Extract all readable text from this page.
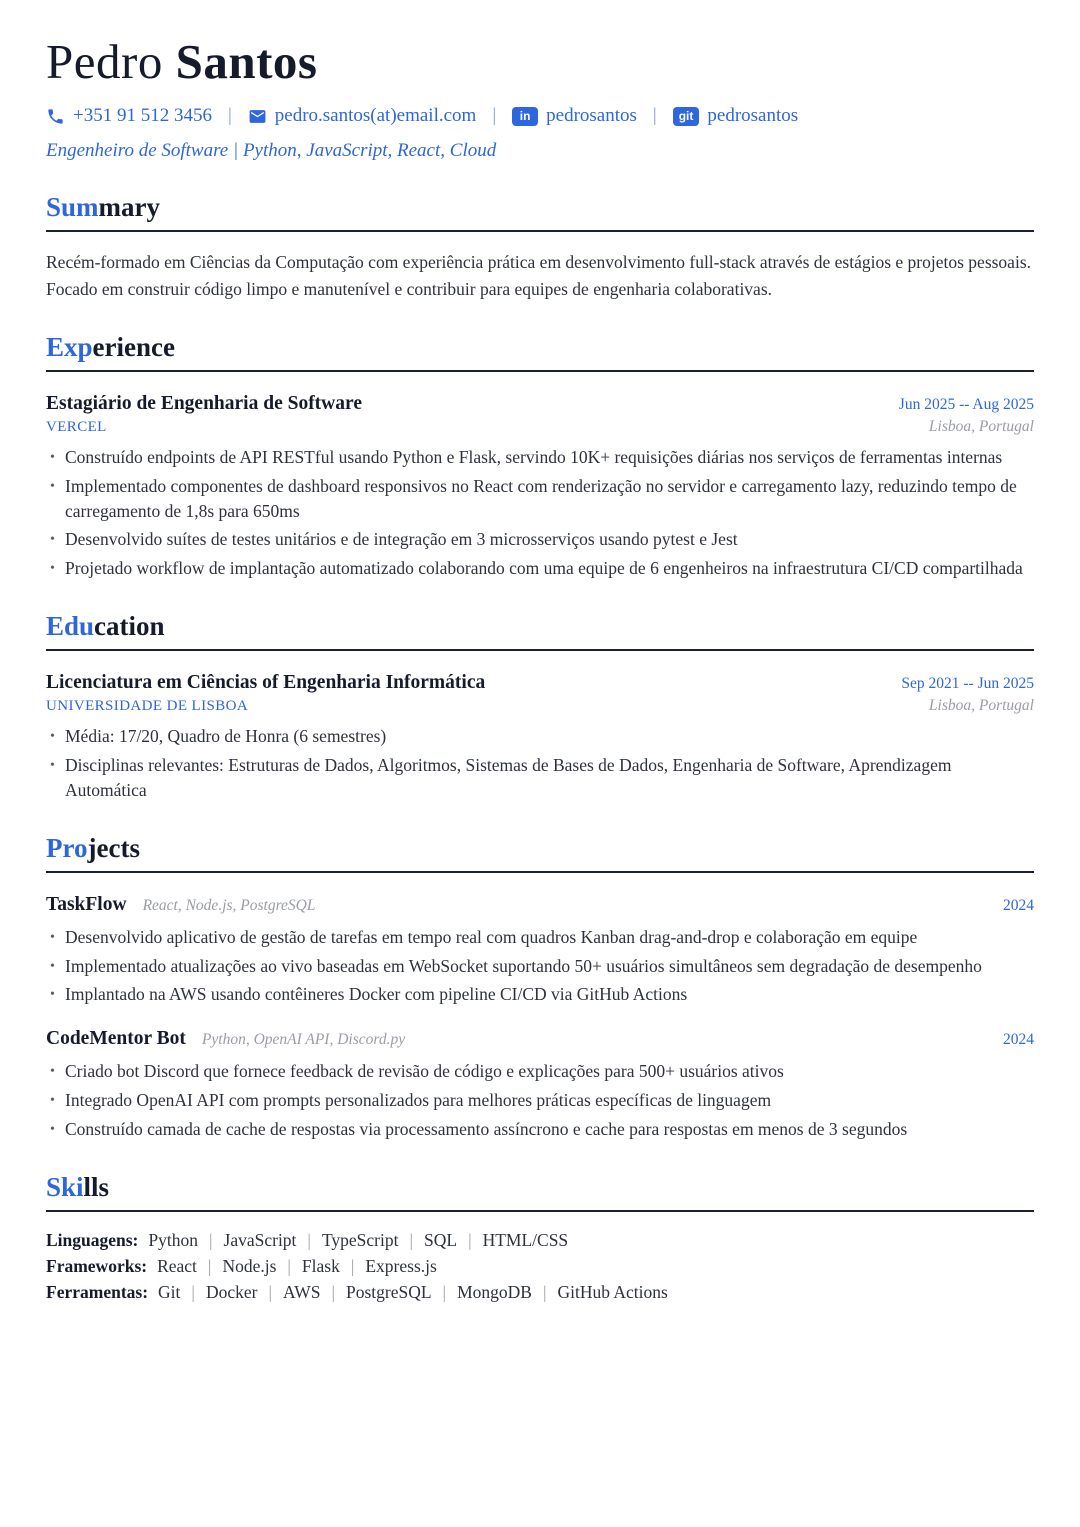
Pedro Santos
+351 91 512 3456 | pedro.santos(at)email.com |	in pedrosantos |	git pedrosantos
Engenheiro de Software | Python, JavaScript, React, Cloud
Summary

Recém-formado em Ciências da Computação com experiência prática em desenvolvimento full-stack através de estágios e projetos pessoais. Focado em construir código limpo e manutenível e contribuir para equipes de engenharia colaborativas.

Experience
Estagiário de Engenharia de Software	Jun 2025 -- Aug 2025
VERCEL	Lisboa, Portugal
• Construído endpoints de API RESTful usando Python e Flask, servindo 10K+ requisições diárias nos serviços de ferramentas internas
• Implementado componentes de dashboard responsivos no React com renderização no servidor e carregamento lazy, reduzindo tempo de carregamento de 1,8s para 650ms
• Desenvolvido suítes de testes unitários e de integração em 3 microsserviços usando pytest e Jest
• Projetado workflow de implantação automatizado colaborando com uma equipe de 6 engenheiros na infraestrutura CI/CD compartilhada
Education
Licenciatura em Ciências of Engenharia Informática	Sep 2021 -- Jun 2025
UNIVERSIDADE DE LISBOA	Lisboa, Portugal
• Média: 17/20, Quadro de Honra (6 semestres)
• Disciplinas relevantes: Estruturas de Dados, Algoritmos, Sistemas de Bases de Dados, Engenharia de Software, Aprendizagem Automática
Projects
TaskFlow React, Node.js, PostgreSQL	2024
• Desenvolvido aplicativo de gestão de tarefas em tempo real com quadros Kanban drag-and-drop e colaboração em equipe
• Implementado atualizações ao vivo baseadas em WebSocket suportando 50+ usuários simultâneos sem degradação de desempenho
• Implantado na AWS usando contêineres Docker com pipeline CI/CD via GitHub Actions
CodeMentor Bot Python, OpenAI API, Discord.py	2024
• Criado bot Discord que fornece feedback de revisão de código e explicações para 500+ usuários ativos
• Integrado OpenAI API com prompts personalizados para melhores práticas específicas de linguagem
• Construído camada de cache de respostas via processamento assíncrono e cache para respostas em menos de 3 segundos
Skills
Linguagens: Python | JavaScript | TypeScript | SQL | HTML/CSS
Frameworks: React | Node.js | Flask | Express.js
Ferramentas: Git | Docker | AWS | PostgreSQL | MongoDB | GitHub Actions
